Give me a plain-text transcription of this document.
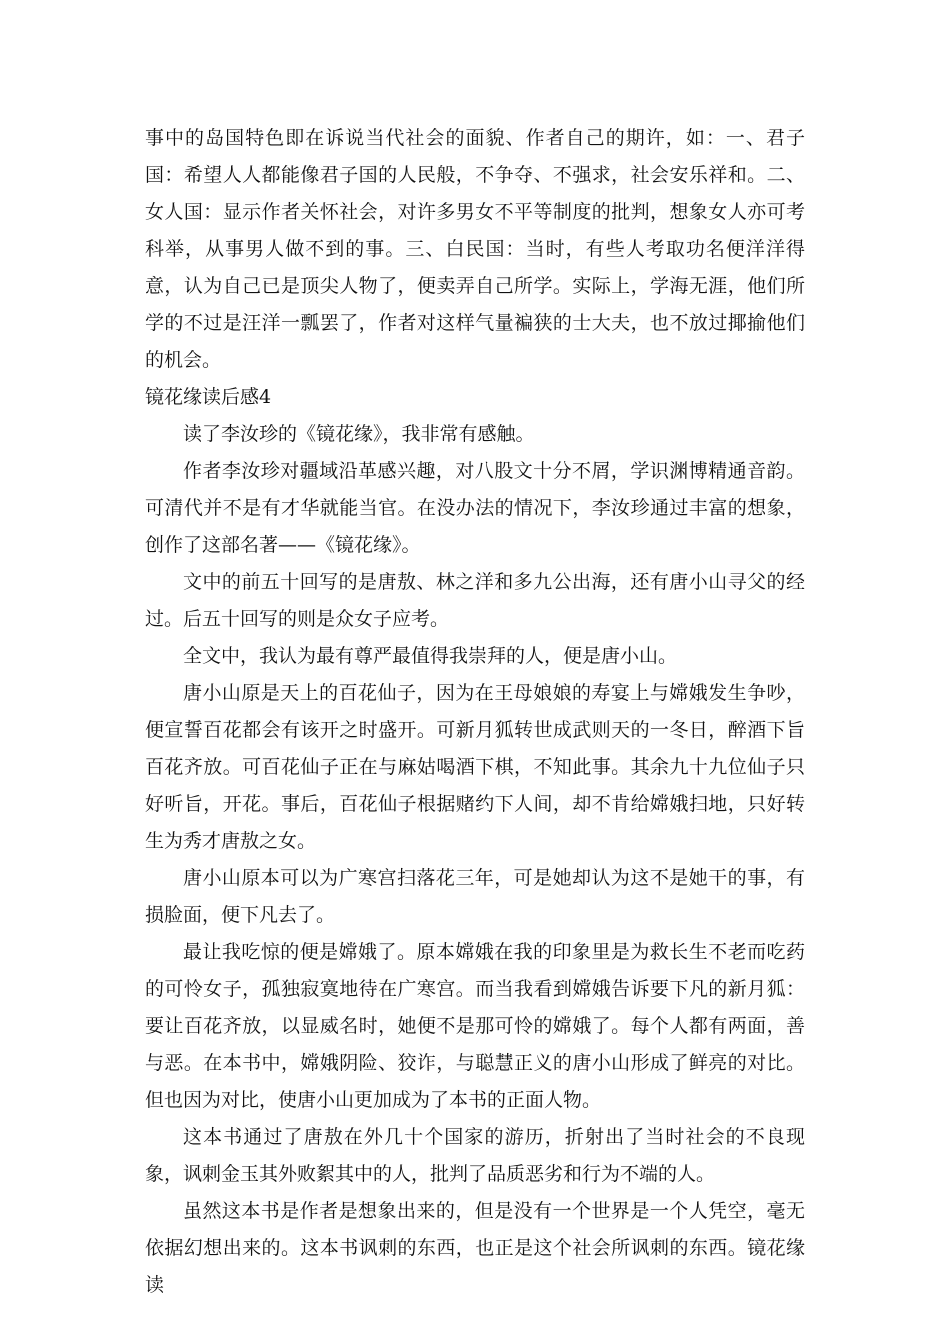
事中的岛国特色即在诉说当代社会的面貌、作者自己的期许，如：一、君子国：希望人人都能像君子国的人民般，不争夺、不强求，社会安乐祥和。二、女人国：显示作者关怀社会，对许多男女不平等制度的批判，想象女人亦可考科举，从事男人做不到的事。三、白民国：当时，有些人考取功名便洋洋得意，认为自己已是顶尖人物了，便卖弄自己所学。实际上，学海无涯，他们所学的不过是汪洋一瓢罢了，作者对这样气量褊狭的士大夫，也不放过揶揄他们的机会。

镜花缘读后感4

读了李汝珍的《镜花缘》，我非常有感触。

作者李汝珍对疆域沿革感兴趣，对八股文十分不屑，学识渊博精通音韵。可清代并不是有才华就能当官。在没办法的情况下，李汝珍通过丰富的想象，创作了这部名著——《镜花缘》。

文中的前五十回写的是唐敖、林之洋和多九公出海，还有唐小山寻父的经过。后五十回写的则是众女子应考。

全文中，我认为最有尊严最值得我崇拜的人，便是唐小山。

唐小山原是天上的百花仙子，因为在王母娘娘的寿宴上与嫦娥发生争吵，便宣誓百花都会有该开之时盛开。可新月狐转世成武则天的一冬日，醉酒下旨百花齐放。可百花仙子正在与麻姑喝酒下棋，不知此事。其余九十九位仙子只好听旨，开花。事后，百花仙子根据赌约下人间，却不肯给嫦娥扫地，只好转生为秀才唐敖之女。

唐小山原本可以为广寒宫扫落花三年，可是她却认为这不是她干的事，有损脸面，便下凡去了。

最让我吃惊的便是嫦娥了。原本嫦娥在我的印象里是为救长生不老而吃药的可怜女子，孤独寂寞地待在广寒宫。而当我看到嫦娥告诉要下凡的新月狐：要让百花齐放，以显威名时，她便不是那可怜的嫦娥了。每个人都有两面，善与恶。在本书中，嫦娥阴险、狡诈，与聪慧正义的唐小山形成了鲜亮的对比。但也因为对比，使唐小山更加成为了本书的正面人物。

这本书通过了唐敖在外几十个国家的游历，折射出了当时社会的不良现象，讽刺金玉其外败絮其中的人，批判了品质恶劣和行为不端的人。

虽然这本书是作者是想象出来的，但是没有一个世界是一个人凭空，毫无依据幻想出来的。这本书讽刺的东西，也正是这个社会所讽刺的东西。镜花缘读
